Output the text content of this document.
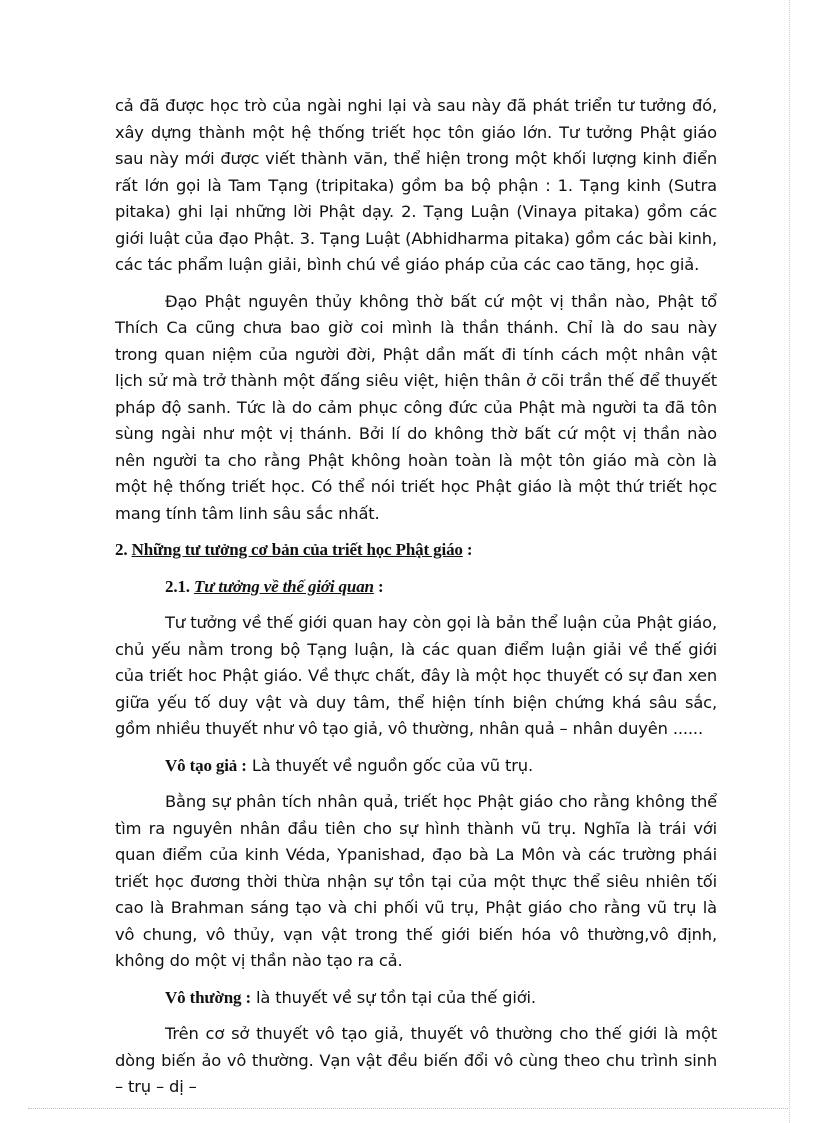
cả đã được học trò của ngài nghi lại và sau này đã phát triển tư tưởng đó, xây dựng thành một hệ thống triết học tôn giáo lớn. Tư tưởng Phật giáo sau này mới được viết thành văn, thể hiện trong một khối lượng kinh điển rất lớn gọi là Tam Tạng (tripitaka) gồm ba bộ phận : 1. Tạng kinh (Sutra pitaka) ghi lại những lời Phật dạy. 2. Tạng Luận (Vinaya pitaka) gồm các giới luật của đạo Phật. 3. Tạng Luật (Abhidharma pitaka) gồm các bài kinh, các tác phẩm luận giải, bình chú về giáo pháp của các cao tăng, học giả.

Đạo Phật nguyên thủy không thờ bất cứ một vị thần nào, Phật tổ Thích Ca cũng chưa bao giờ coi mình là thần thánh. Chỉ là do sau này trong quan niệm của người đời, Phật dần mất đi tính cách một nhân vật lịch sử mà trở thành một đấng siêu việt, hiện thân ở cõi trần thế để thuyết pháp độ sanh. Tức là do cảm phục công đức của Phật mà người ta đã tôn sùng ngài như một vị thánh. Bởi lí do không thờ bất cứ một vị thần nào nên người ta cho rằng Phật không hoàn toàn là một tôn giáo mà còn là một hệ thống triết học. Có thể nói triết học Phật giáo là một thứ triết học mang tính tâm linh sâu sắc nhất.

2. Những tư tưởng cơ bản của triết học Phật giáo :

2.1. Tư tưởng về thế giới quan :

Tư tưởng về thế giới quan hay còn gọi là bản thể luận của Phật giáo, chủ yếu nằm trong bộ Tạng luận, là các quan điểm luận giải về thế giới của triết hoc Phật giáo. Về thực chất, đây là một học thuyết có sự đan xen giữa yếu tố duy vật và duy tâm, thể hiện tính biện chứng khá sâu sắc, gồm nhiều thuyết như vô tạo giả, vô thường, nhân quả – nhân duyên ......

Vô tạo giả : Là thuyết về nguồn gốc của vũ trụ.

Bằng sự phân tích nhân quả, triết học Phật giáo cho rằng không thể tìm ra nguyên nhân đầu tiên cho sự hình thành vũ trụ. Nghĩa là trái với quan điểm của kinh Véda, Ypanishad, đạo bà La Môn và các trường phái triết học đương thời thừa nhận sự tồn tại của một thực thể siêu nhiên tối cao là Brahman sáng tạo và chi phối vũ trụ, Phật giáo cho rằng vũ trụ là vô chung, vô thủy, vạn vật trong thế giới biến hóa vô thường,vô định, không do một vị thần nào tạo ra cả.

Vô thường : là thuyết về sự tồn tại của thế giới.

Trên cơ sở thuyết vô tạo giả, thuyết vô thường cho thế giới là một dòng biến ảo vô thường. Vạn vật đều biến đổi vô cùng theo chu trình sinh – trụ – dị –
